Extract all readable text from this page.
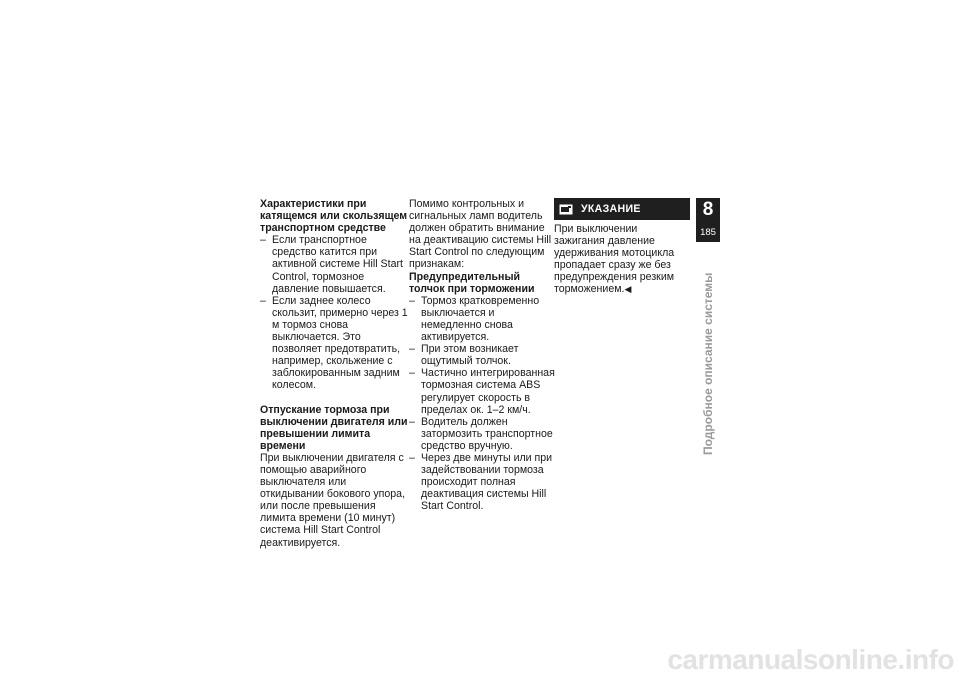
Характеристики при катящемся или скользящем транспортном средстве

– Если транспортное средство катится при активной системе Hill Start Control, тормозное давление повышается.
– Если заднее колесо скользит, примерно через 1 м тормоз снова выключается. Это позволяет предотвратить, например, скольжение с заблокированным задним колесом.

Отпускание тормоза при выключении двигателя или превышении лимита времени

При выключении двигателя с помощью аварийного выключателя или откидывании бокового упора, или после превышения лимита времени (10 минут) система Hill Start Control деактивируется.

Помимо контрольных и сигнальных ламп водитель должен обратить внимание на деактивацию системы Hill Start Control по следующим признакам:

Предупредительный толчок при торможении

– Тормоз кратковременно выключается и немедленно снова активируется.
– При этом возникает ощутимый толчок.
– Частично интегрированная тормозная система ABS регулирует скорость в пределах ок. 1–2 км/ч.
– Водитель должен затормозить транспортное средство вручную.
– Через две минуты или при задействовании тормоза происходит полная деактивация системы Hill Start Control.
УКАЗАНИЕ

При выключении зажигания давление удерживания мотоцикла пропадает сразу же без предупреждения резким торможением.◀

8
185
Подробное описание системы
carmanualsonline.info
